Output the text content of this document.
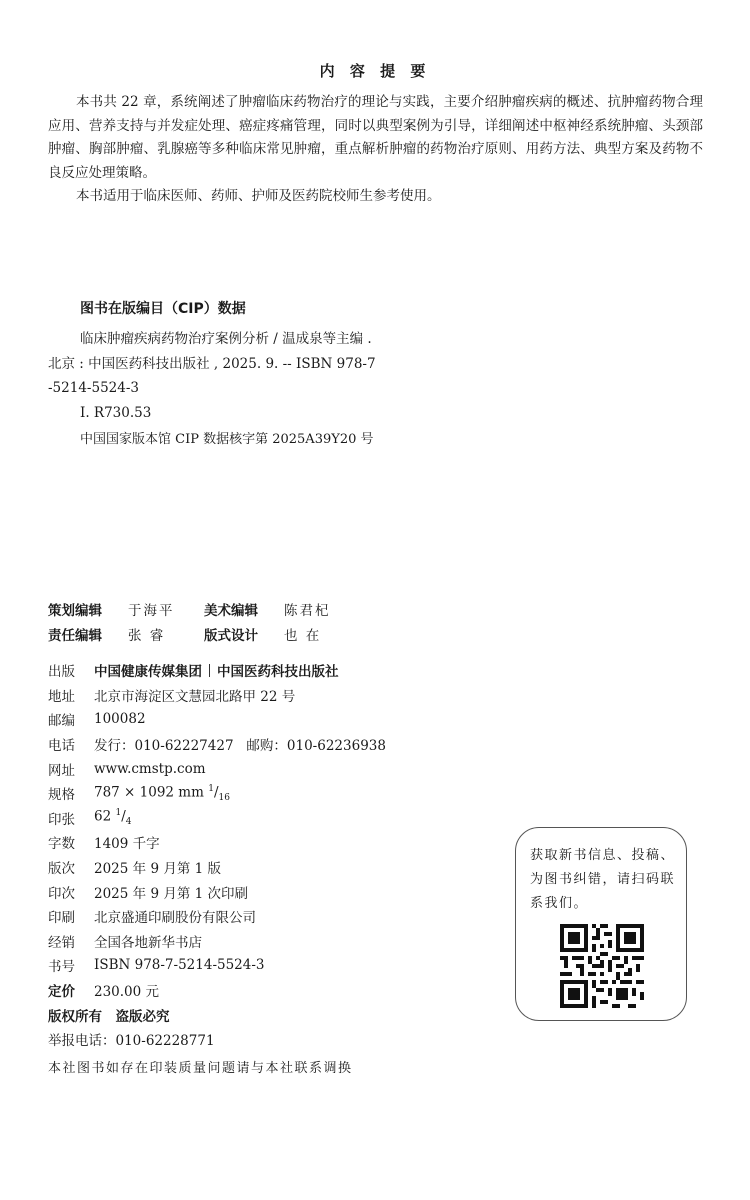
内 容 提 要

本书共 22 章，系统阐述了肿瘤临床药物治疗的理论与实践，主要介绍肿瘤疾病的概述、抗肿瘤药物合理应用、营养支持与并发症处理、癌症疼痛管理，同时以典型案例为引导，详细阐述中枢神经系统肿瘤、头颈部肿瘤、胸部肿瘤、乳腺癌等多种临床常见肿瘤，重点解析肿瘤的药物治疗原则、用药方法、典型方案及药物不良反应处理策略。

本书适用于临床医师、药师、护师及医药院校师生参考使用。

图书在版编目（CIP）数据
临床肿瘤疾病药物治疗案例分析 / 温成泉等主编 .
北京 : 中国医药科技出版社 , 2025. 9. -- ISBN 978-7
-5214-5524-3
Ⅰ. R730.53
中国国家版本馆 CIP 数据核字第 2025A39Y20 号
策划编辑	于海平	美术编辑	陈君杞
责任编辑	张 睿	版式设计	也 在
出版	中国健康传媒集团 中国医药科技出版社
地址	北京市海淀区文慧园北路甲 22 号
邮编	100082
电话	发行：010-62227427   邮购：010-62236938
网址	www.cmstp.com
规格	787 × 1092 mm $^1/_{16}$
印张	62 $^1/_4$
字数	1409 千字
版次	2025 年 9 月第 1 版
印次	2025 年 9 月第 1 次印刷
印刷	北京盛通印刷股份有限公司
经销	全国各地新华书店
书号	ISBN 978-7-5214-5524-3
定价	230.00 元
版权所有　盗版必究
举报电话：010-62228771
本社图书如存在印装质量问题请与本社联系调换
获取新书信息、投稿、为图书纠错，请扫码联系我们。
